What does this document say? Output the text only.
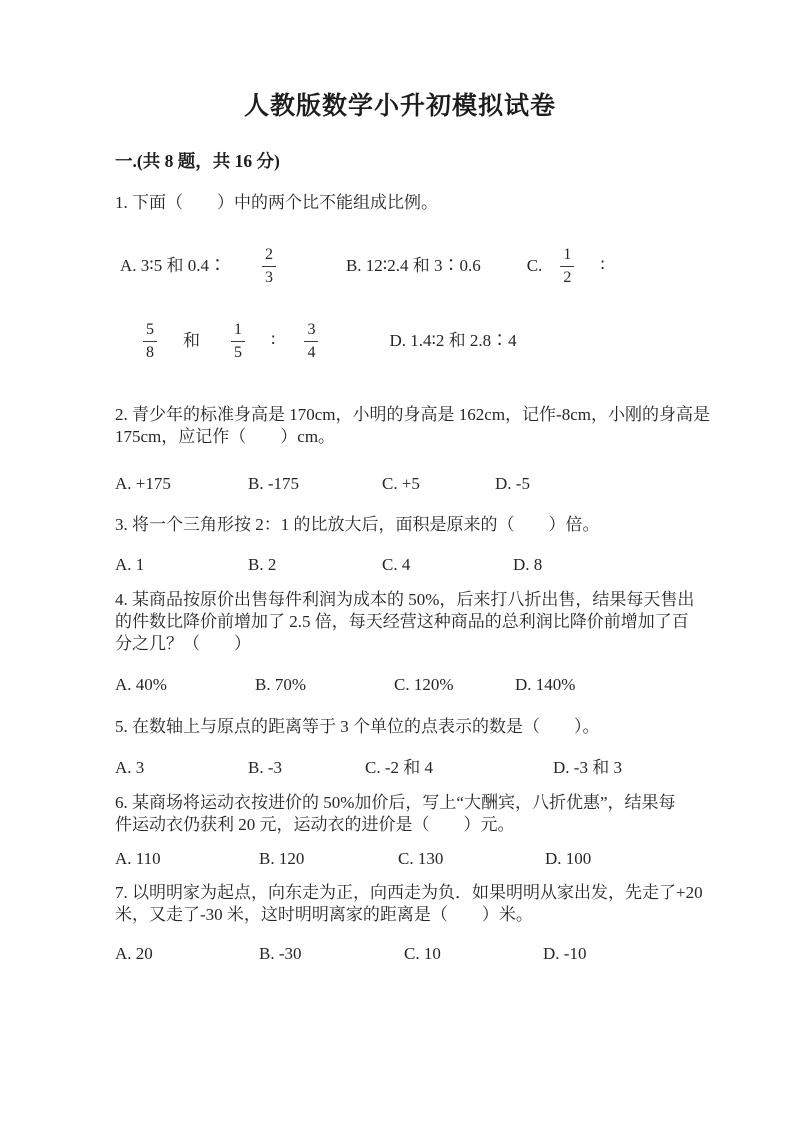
人教版数学小升初模拟试卷
一.(共 8 题，共 16 分)
1. 下面（　　）中的两个比不能组成比例。
A. 3∶5 和 0.4∶ $\frac{2}{3}$	B. 12∶2.4 和 3∶0.6	C. $\frac{1}{2}$ ∶
$\frac{5}{8}$ 和 $\frac{1}{5}$ ∶ $\frac{3}{4}$	D. 1.4∶2 和 2.8∶4
2. 青少年的标准身高是 170cm，小明的身高是 162cm，记作-8cm，小刚的身高是
175cm，应记作（　　）cm。
A. +175	B. -175	C. +5	D. -5
3. 将一个三角形按 2：1 的比放大后，面积是原来的（　　）倍。
A. 1	B. 2	C. 4	D. 8
4. 某商品按原价出售每件利润为成本的 50%，后来打八折出售，结果每天售出
的件数比降价前增加了 2.5 倍，每天经营这种商品的总利润比降价前增加了百
分之几？（　　）
A. 40%	B. 70%	C. 120%	D. 140%
5. 在数轴上与原点的距离等于 3 个单位的点表示的数是（　　）。
A. 3	B. -3	C. -2 和 4	D. -3 和 3
6. 某商场将运动衣按进价的 50%加价后，写上“大酬宾，八折优惠”，结果每
件运动衣仍获利 20 元，运动衣的进价是（　　）元。
A. 110	B. 120	C. 130	D. 100
7. 以明明家为起点，向东走为正，向西走为负．如果明明从家出发，先走了+20
米，又走了-30 米，这时明明离家的距离是（　　）米。
A. 20	B. -30	C. 10	D. -10
